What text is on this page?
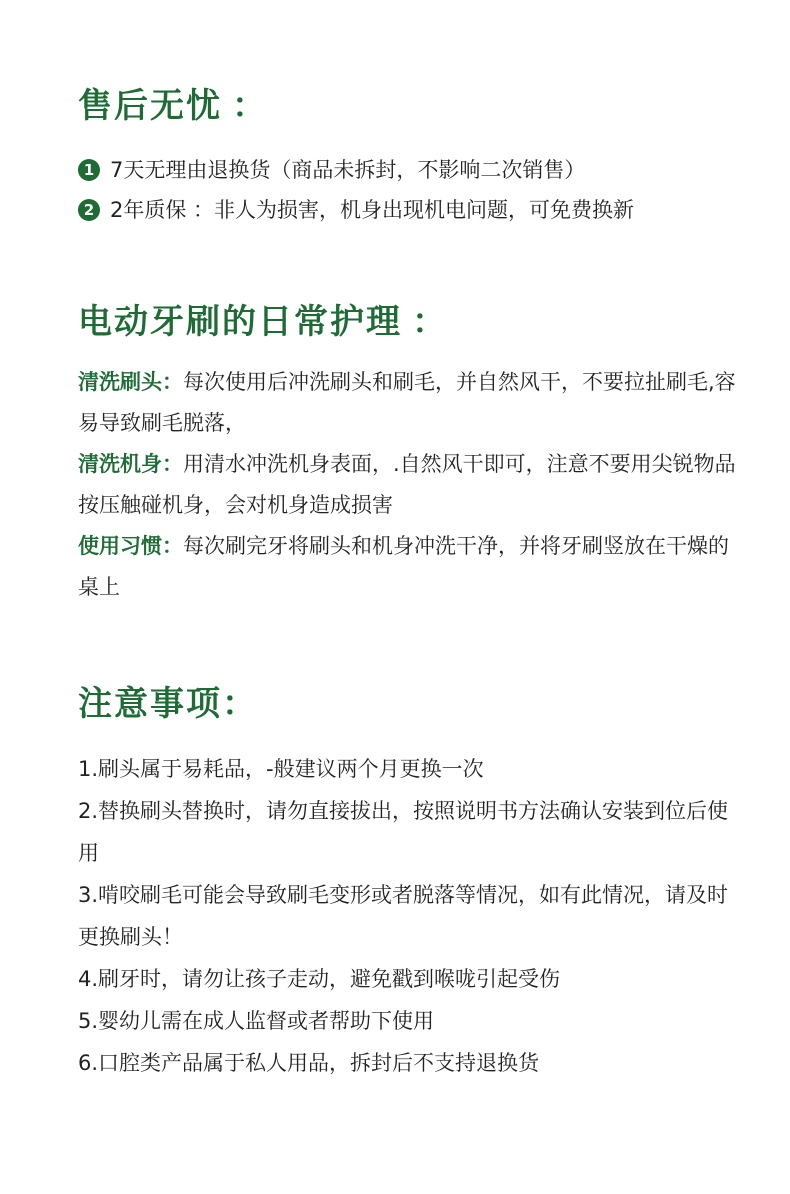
售后无忧 ：
1 7天无理由退换货（商品未拆封，不影响二次销售）
2 2年质保 ：非人为损害，机身出现机电问题，可免费换新
电动牙刷的日常护理 ：

清洗刷头：每次使用后冲洗刷头和刷毛，并自然风干，不要拉扯刷毛,容易导致刷毛脱落，

清洗机身：用清水冲洗机身表面，.自然风干即可，注意不要用尖锐物品按压触碰机身，会对机身造成损害

使用习惯：每次刷完牙将刷头和机身冲洗干净，并将牙刷竖放在干燥的桌上

注意事项：

1.刷头属于易耗品，-般建议两个月更换一次

2.替换刷头替换时，请勿直接拔出，按照说明书方法确认安装到位后使用

3.啃咬刷毛可能会导致刷毛变形或者脱落等情况，如有此情况，请及时更换刷头！

4.刷牙时，请勿让孩子走动，避免戳到喉咙引起受伤

5.婴幼儿需在成人监督或者帮助下使用

6.口腔类产品属于私人用品，拆封后不支持退换货
